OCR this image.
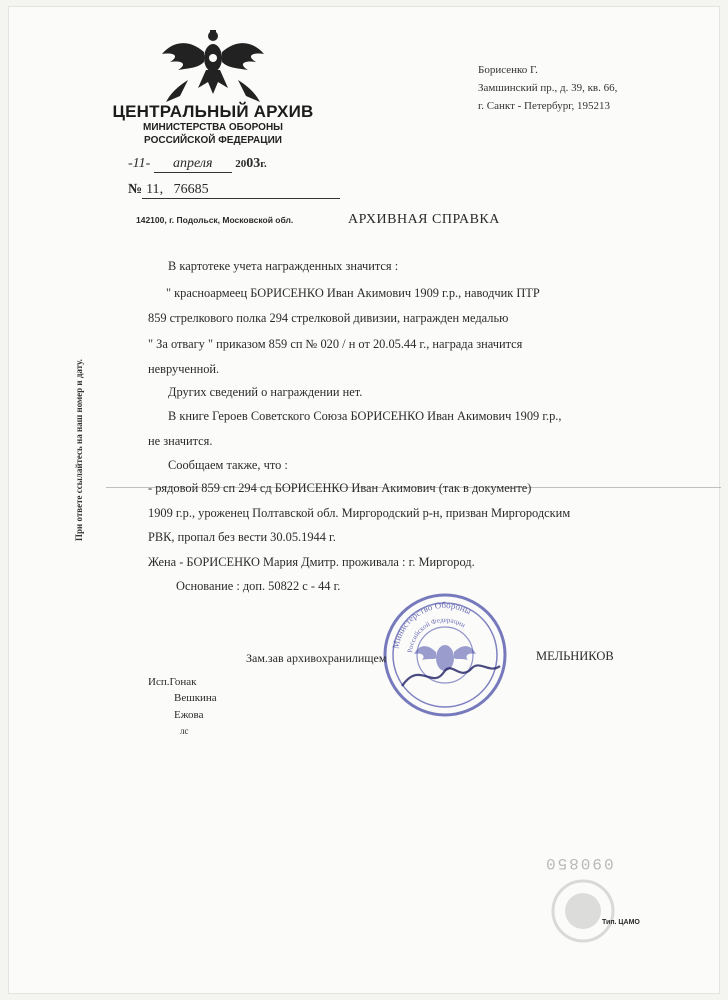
ЦЕНТРАЛЬНЫЙ АРХИВ
МИНИСТЕРСТВА ОБОРОНЫ
РОССИЙСКОЙ ФЕДЕРАЦИИ
Борисенко Г.
Замшинский пр., д. 39, кв. 66,
г. Санкт - Петербург, 195213
-11- апреля 2003г.
№ 11,   76685
142100, г. Подольск, Московской обл.	АРХИВНАЯ СПРАВКА
При ответе ссылайтесь на наш номер и дату.
В картотеке учета награжденных значится :
" красноармеец БОРИСЕНКО Иван Акимович 1909 г.р., наводчик ПТР
859 стрелкового полка 294 стрелковой дивизии, награжден медалью
" За отвагу " приказом 859 сп № 020 / н от 20.05.44 г., награда значится
неврученной.
Других сведений о награждении нет.
В книге Героев Советского Союза БОРИСЕНКО Иван Акимович 1909 г.р.,
не значится.
Сообщаем также, что :
- рядовой 859 сп 294 сд БОРИСЕНКО Иван Акимович (так в документе)
1909 г.р., уроженец Полтавской обл. Миргородский р-н, призван Миргородским
РВК, пропал без вести 30.05.1944 г.
Жена - БОРИСЕНКО Мария Дмитр. проживала : г. Миргород.
Основание : доп. 50822 с - 44 г.
Министерство Обороны
Российской Федерации
Зам.зав архивохранилищем	МЕЛЬНИКОВ
Исп.Гонак
Вешкина
Ежова
лс
090850
Тип. ЦАМО
